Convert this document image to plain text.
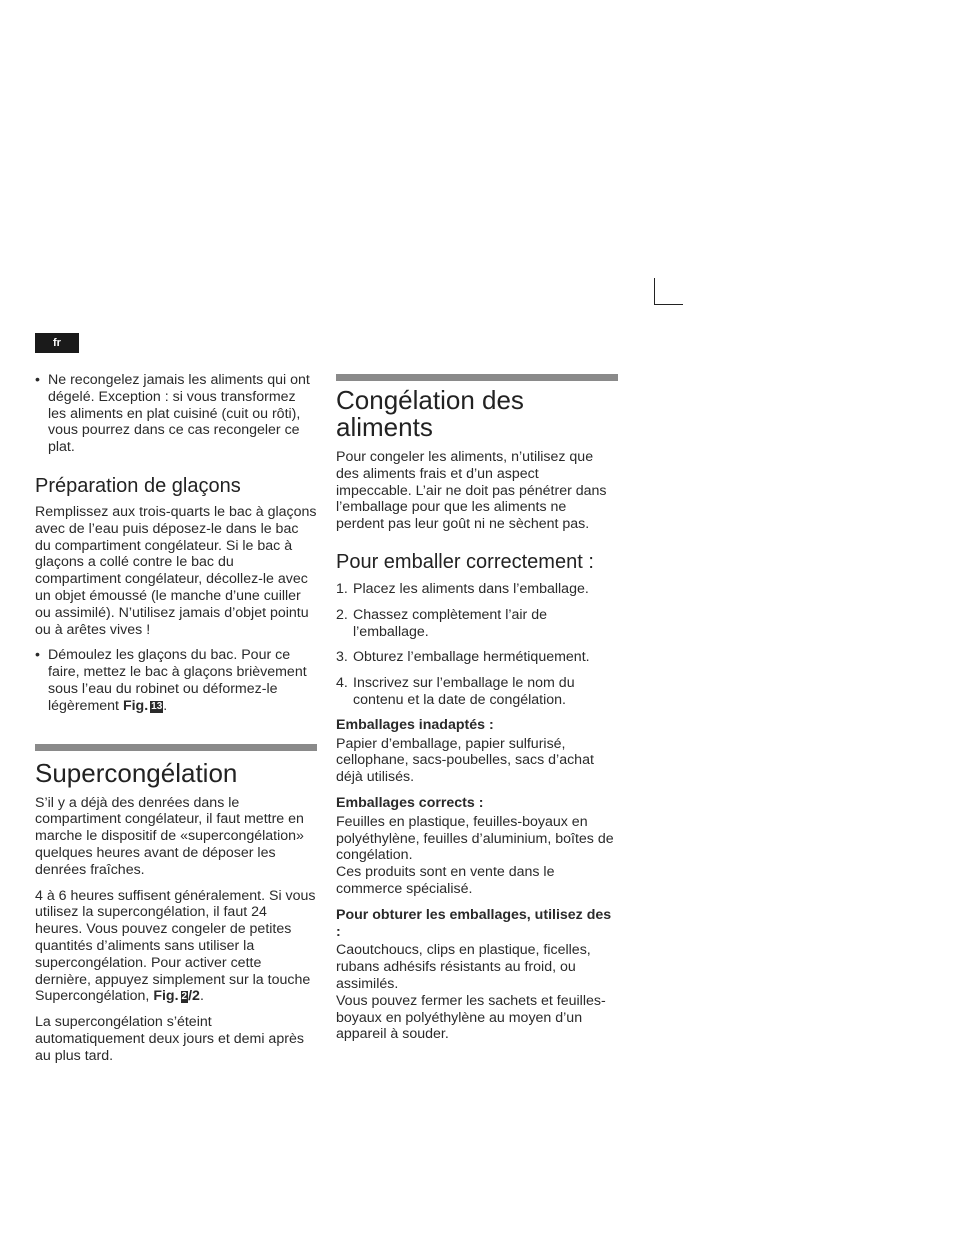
fr
• Ne recongelez jamais les aliments qui ont dégelé. Exception : si vous transformez les aliments en plat cuisiné (cuit ou rôti), vous pourrez dans ce cas recongeler ce plat.
Préparation de glaçons

Remplissez aux trois-quarts le bac à glaçons avec de l’eau puis déposez-le dans le bac du compartiment congélateur. Si le bac à glaçons a collé contre le bac du compartiment congélateur, décollez-le avec un objet émoussé (le manche d’une cuiller ou assimilé). N’utilisez jamais d’objet pointu ou à arêtes vives !

• Démoulez les glaçons du bac. Pour ce faire, mettez le bac à glaçons brièvement sous l’eau du robinet ou déformez-le légèrement Fig. 13.
Supercongélation

S’il y a déjà des denrées dans le compartiment congélateur, il faut mettre en marche le dispositif de «supercongélation» quelques heures avant de déposer les denrées fraîches.

4 à 6 heures suffisent généralement. Si vous utilisez la supercongélation, il faut 24 heures. Vous pouvez congeler de petites quantités d’aliments sans utiliser la supercongélation. Pour activer cette dernière, appuyez simplement sur la touche Supercongélation, Fig. 2/2.

La supercongélation s’éteint automatiquement deux jours et demi après au plus tard.

Congélation des aliments

Pour congeler les aliments, n’utilisez que des aliments frais et d’un aspect impeccable. L’air ne doit pas pénétrer dans l’emballage pour que les aliments ne perdent pas leur goût ni ne sèchent pas.

Pour emballer correctement :
1. Placez les aliments dans l’emballage.
2. Chassez complètement l’air de l’emballage.
3. Obturez l’emballage hermétiquement.
4. Inscrivez sur l’emballage le nom du contenu et la date de congélation.

Emballages inadaptés :

Papier d’emballage, papier sulfurisé, cellophane, sacs-poubelles, sacs d’achat déjà utilisés.

Emballages corrects :

Feuilles en plastique, feuilles-boyaux en polyéthylène, feuilles d’aluminium, boîtes de congélation.

Ces produits sont en vente dans le commerce spécialisé.

Pour obturer les emballages, utilisez des :

Caoutchoucs, clips en plastique, ficelles, rubans adhésifs résistants au froid, ou assimilés.

Vous pouvez fermer les sachets et feuilles-boyaux en polyéthylène au moyen d’un appareil à souder.
